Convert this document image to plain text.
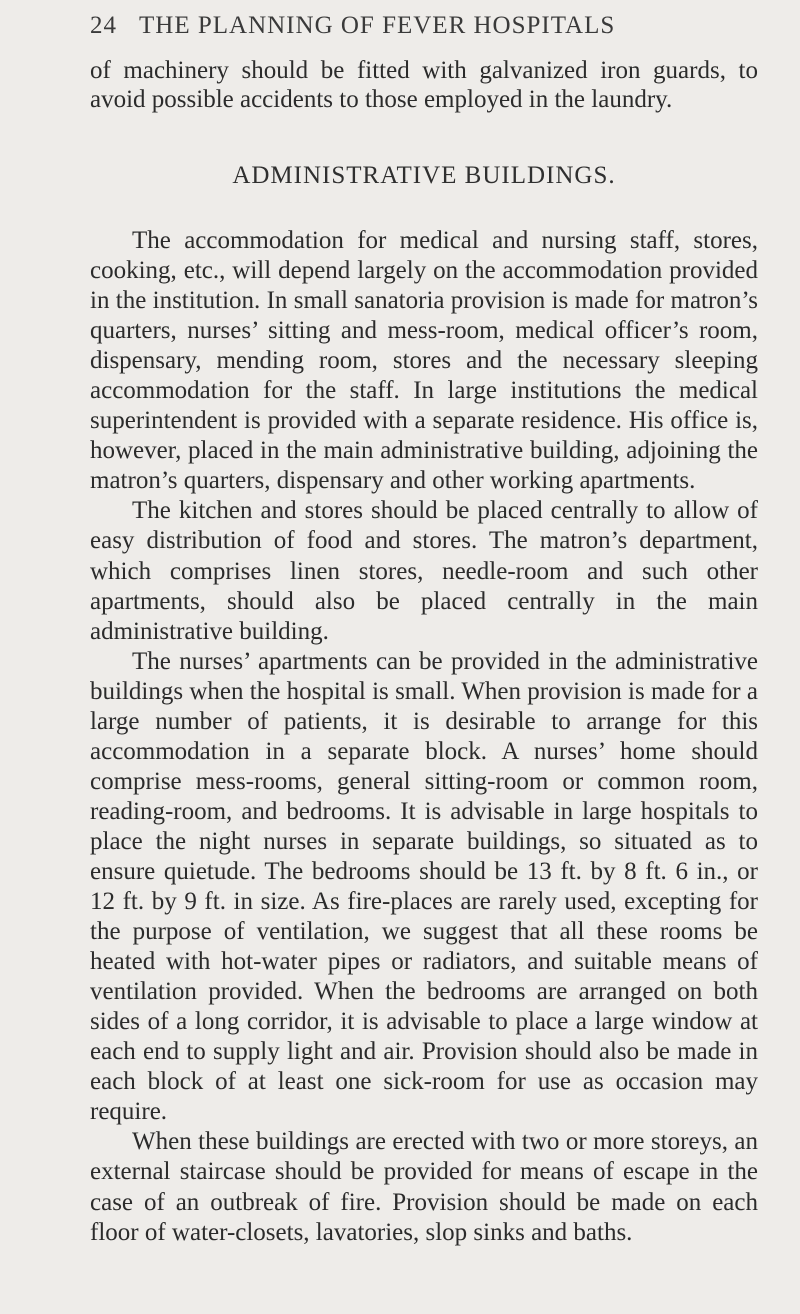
24 THE PLANNING OF FEVER HOSPITALS
of machinery should be fitted with galvanized iron guards, to avoid possible accidents to those employed in the laundry.
ADMINISTRATIVE BUILDINGS.

The accommodation for medical and nursing staff, stores, cooking, etc., will depend largely on the accommodation provided in the institution. In small sanatoria provision is made for matron’s quarters, nurses’ sitting and mess-room, medical officer’s room, dispensary, mending room, stores and the necessary sleeping accommodation for the staff. In large institutions the medical superintendent is provided with a separate residence. His office is, however, placed in the main administrative building, adjoining the matron’s quarters, dispensary and other working apartments.

The kitchen and stores should be placed centrally to allow of easy distribution of food and stores. The matron’s department, which comprises linen stores, needle-room and such other apartments, should also be placed centrally in the main administrative building.

The nurses’ apartments can be provided in the administrative buildings when the hospital is small. When provision is made for a large number of patients, it is desirable to arrange for this accommodation in a separate block. A nurses’ home should comprise mess-rooms, general sitting-room or common room, reading-room, and bedrooms. It is advisable in large hospitals to place the night nurses in separate buildings, so situated as to ensure quietude. The bedrooms should be 13 ft. by 8 ft. 6 in., or 12 ft. by 9 ft. in size. As fire-places are rarely used, excepting for the purpose of ventilation, we suggest that all these rooms be heated with hot-water pipes or radiators, and suitable means of ventilation provided. When the bedrooms are arranged on both sides of a long corridor, it is advisable to place a large window at each end to supply light and air. Provision should also be made in each block of at least one sick-room for use as occasion may require.

When these buildings are erected with two or more storeys, an external staircase should be provided for means of escape in the case of an outbreak of fire. Provision should be made on each floor of water-closets, lavatories, slop sinks and baths.
